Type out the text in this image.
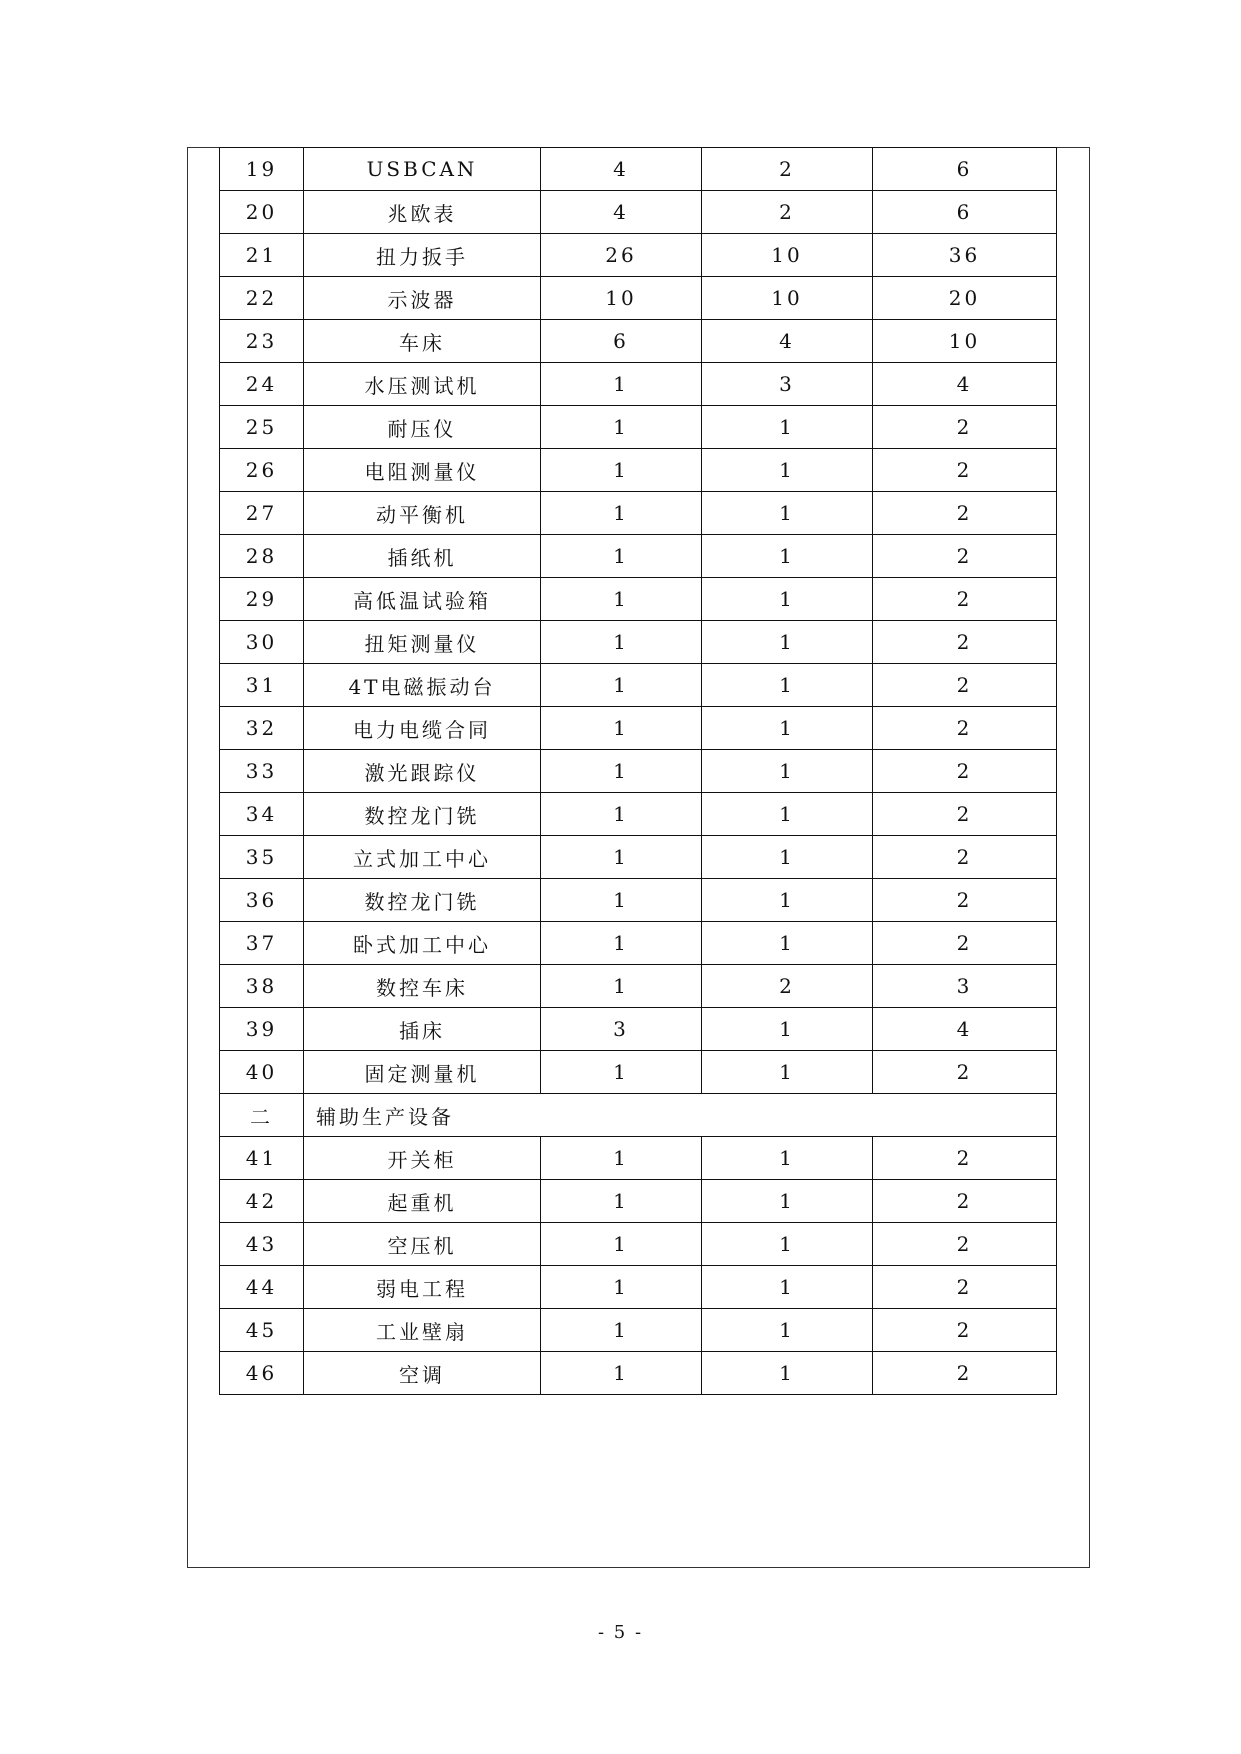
19	USBCAN	4	2	6
20	兆欧表	4	2	6
21	扭力扳手	26	10	36
22	示波器	10	10	20
23	车床	6	4	10
24	水压测试机	1	3	4
25	耐压仪	1	1	2
26	电阻测量仪	1	1	2
27	动平衡机	1	1	2
28	插纸机	1	1	2
29	高低温试验箱	1	1	2
30	扭矩测量仪	1	1	2
31	4T电磁振动台	1	1	2
32	电力电缆合同	1	1	2
33	激光跟踪仪	1	1	2
34	数控龙门铣	1	1	2
35	立式加工中心	1	1	2
36	数控龙门铣	1	1	2
37	卧式加工中心	1	1	2
38	数控车床	1	2	3
39	插床	3	1	4
40	固定测量机	1	1	2
二	辅助生产设备			
41	开关柜	1	1	2
42	起重机	1	1	2
43	空压机	1	1	2
44	弱电工程	1	1	2
45	工业壁扇	1	1	2
46	空调	1	1	2
- 5 -
